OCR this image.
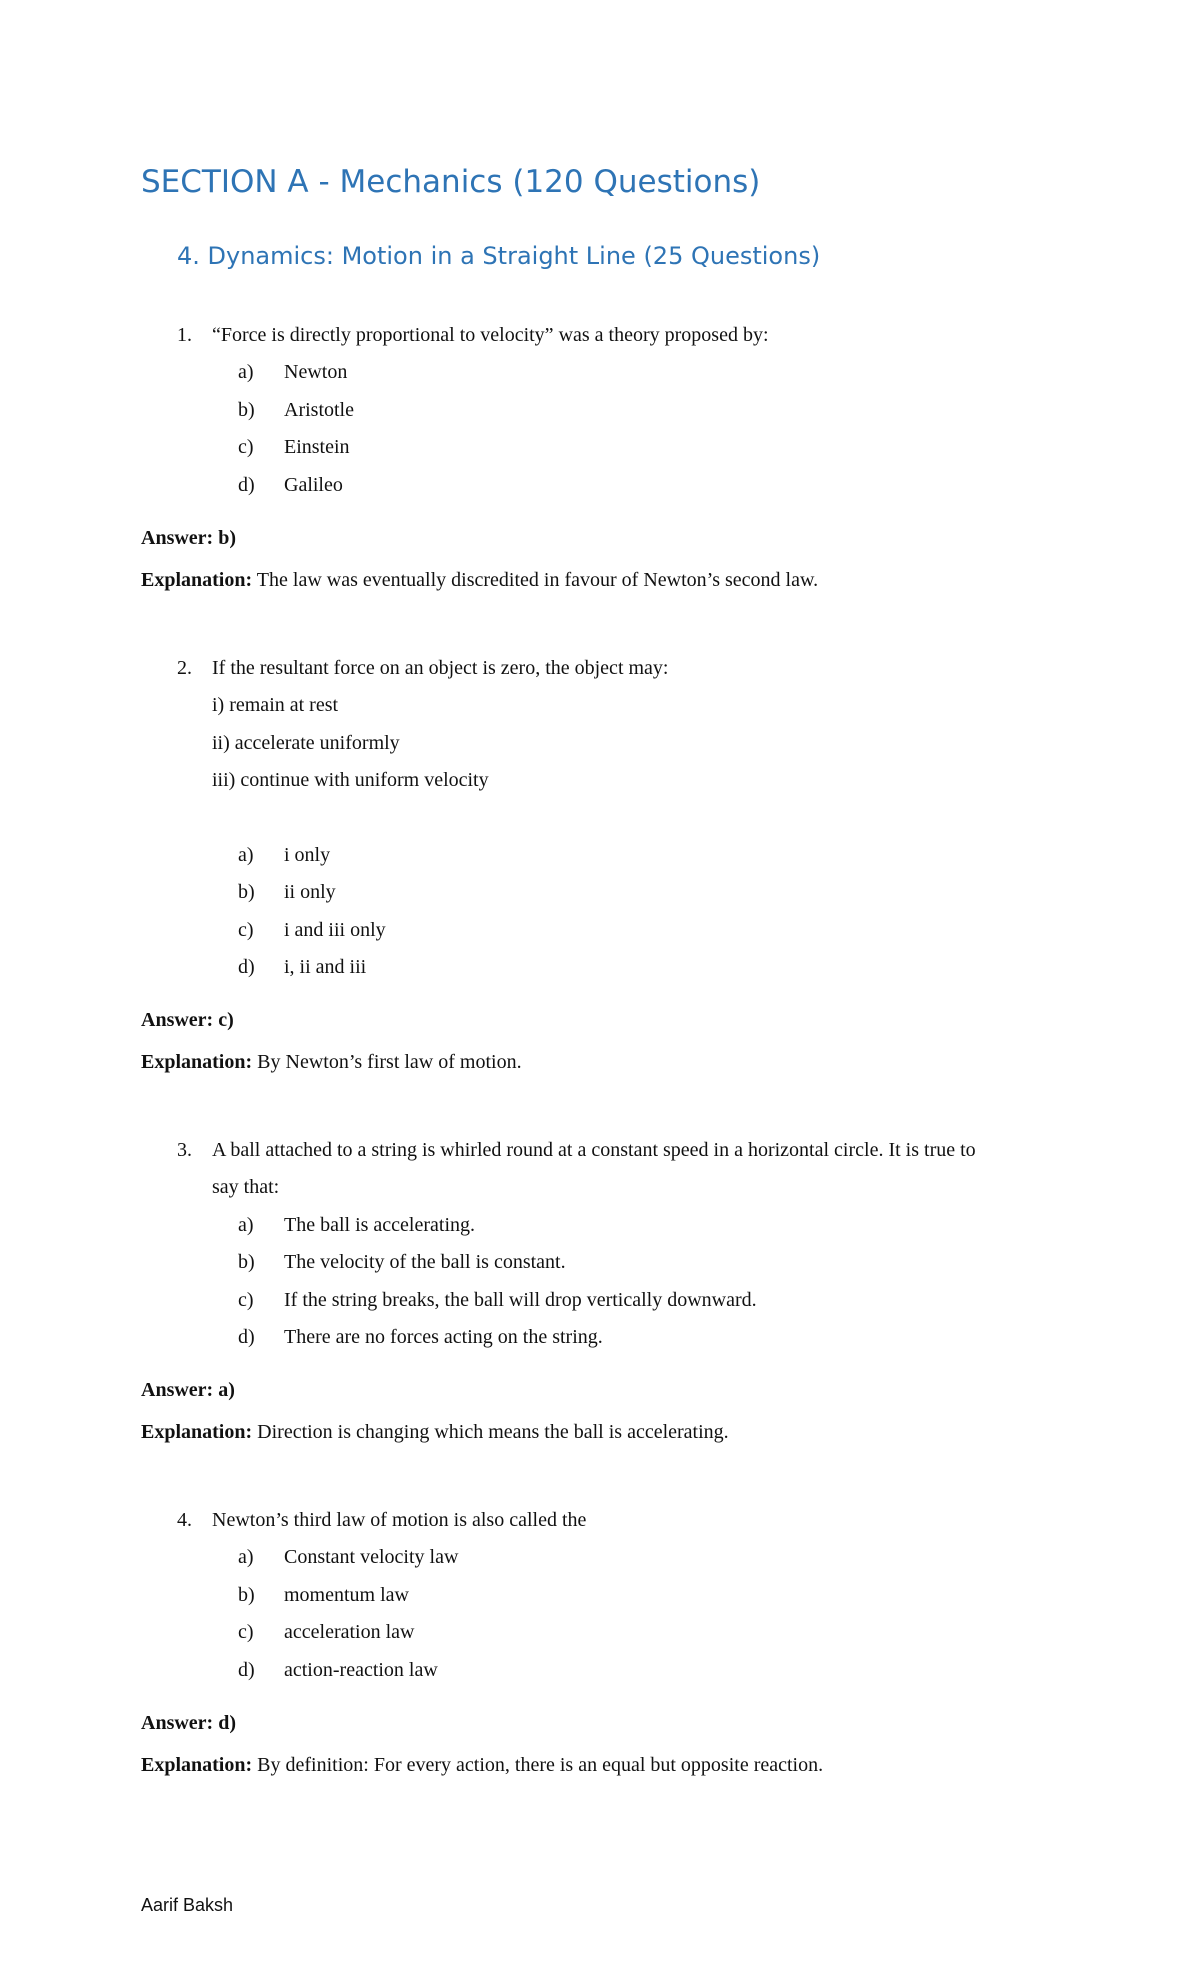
SECTION A - Mechanics (120 Questions)
4. Dynamics: Motion in a Straight Line (25 Questions)
1. “Force is directly proportional to velocity” was a theory proposed by:
a) Newton
b) Aristotle
c) Einstein
d) Galileo
Answer: b)
Explanation: The law was eventually discredited in favour of Newton’s second law.
2. If the resultant force on an object is zero, the object may:
i) remain at rest
ii) accelerate uniformly
iii) continue with uniform velocity
a) i only
b) ii only
c) i and iii only
d) i, ii and iii
Answer: c)
Explanation: By Newton’s first law of motion.
3. A ball attached to a string is whirled round at a constant speed in a horizontal circle. It is true to
say that:
a) The ball is accelerating.
b) The velocity of the ball is constant.
c) If the string breaks, the ball will drop vertically downward.
d) There are no forces acting on the string.
Answer: a)
Explanation: Direction is changing which means the ball is accelerating.
4. Newton’s third law of motion is also called the
a) Constant velocity law
b) momentum law
c) acceleration law
d) action-reaction law
Answer: d)
Explanation: By definition: For every action, there is an equal but opposite reaction.
Aarif Baksh
